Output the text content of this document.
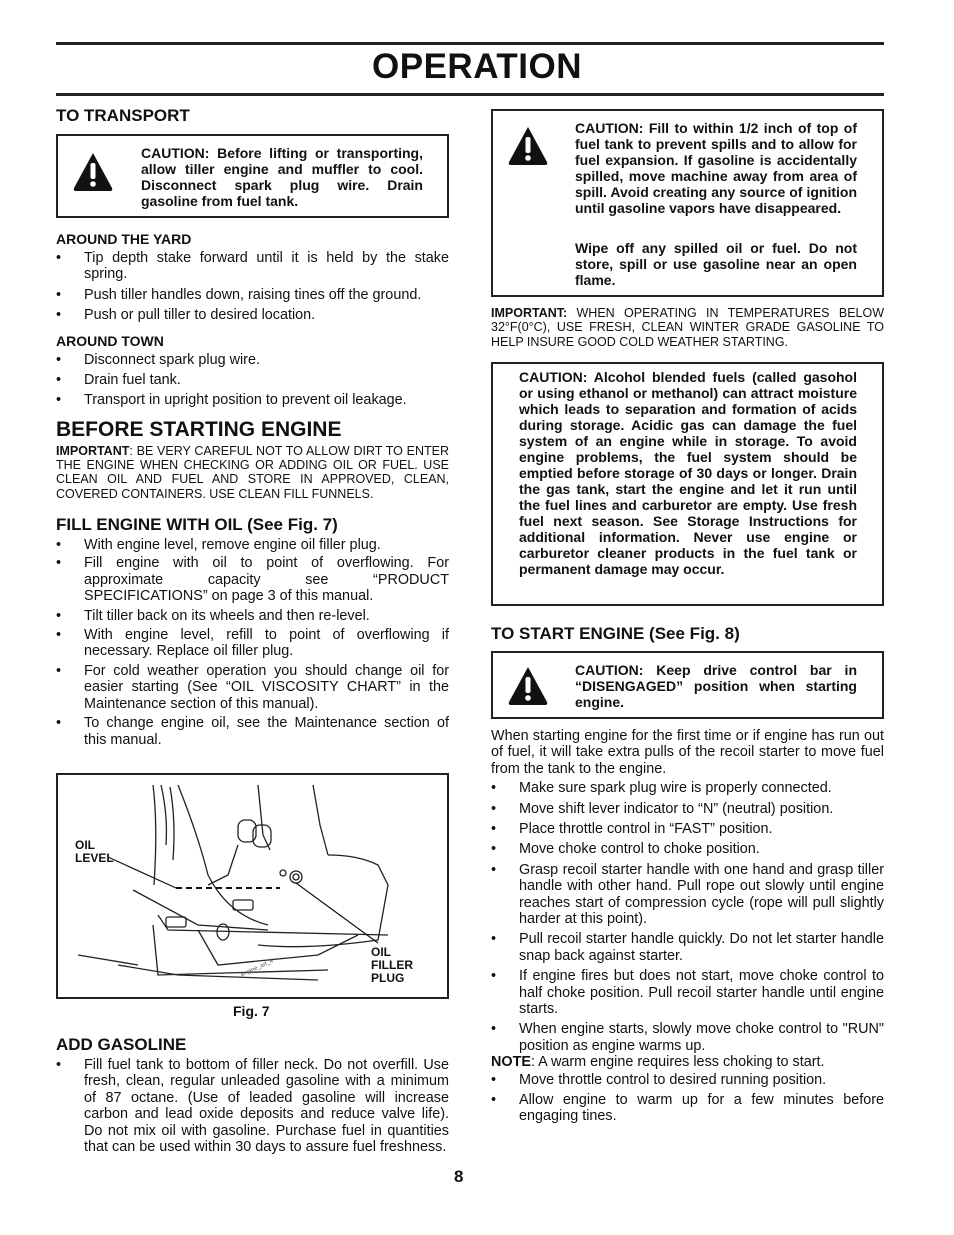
OPERATION
TO TRANSPORT
CAUTION: Before lifting or transporting, allow tiller engine and muffler to cool. Disconnect spark plug wire. Drain gasoline from fuel tank.
AROUND THE YARD
• Tip depth stake forward until it is held by the stake spring.
• Push tiller handles down, raising tines off the ground.
• Push or pull tiller to desired location.
AROUND TOWN
• Disconnect spark plug wire.
• Drain fuel tank.
• Transport in upright position to prevent oil leakage.
BEFORE STARTING ENGINE

IMPORTANT: BE VERY CAREFUL NOT TO ALLOW DIRT TO ENTER THE ENGINE WHEN CHECKING OR ADDING OIL OR FUEL. USE CLEAN OIL AND FUEL AND STORE IN APPROVED, CLEAN, COVERED CONTAINERS. USE CLEAN FILL FUNNELS.

FILL ENGINE WITH OIL (See Fig. 7)
• With engine level, remove engine oil filler plug.
• Fill engine with oil to point of overflowing. For approximate capacity see “PRODUCT SPECIFICATIONS” on page 3 of this manual.
• Tilt tiller back on its wheels and then re-level.
• With engine level, refill to point of overflowing if necessary. Replace oil filler plug.
• For cold weather operation you should change oil for easier starting (See “OIL VISCOSITY CHART” in the Maintenance section of this manual).
• To change engine oil, see the Maintenance section of this manual.
OIL
LEVEL
OIL
FILLER
PLUG
engine_art_4
Fig. 7
ADD GASOLINE
• Fill fuel tank to bottom of filler neck. Do not overfill. Use fresh, clean, regular unleaded gasoline with a minimum of 87 octane. (Use of leaded gasoline will increase carbon and lead oxide deposits and reduce valve life). Do not mix oil with gasoline. Purchase fuel in quantities that can be used within 30 days to assure fuel freshness.
CAUTION: Fill to within 1/2 inch of top of fuel tank to prevent spills and to allow for fuel expansion. If gasoline is accidentally spilled, move machine away from area of spill. Avoid creating any source of ignition until gasoline vapors have disappeared.
Wipe off any spilled oil or fuel. Do not store, spill or use gasoline near an open flame.

IMPORTANT: WHEN OPERATING IN TEMPERATURES BELOW 32°F(0°C), USE FRESH, CLEAN WINTER GRADE GASOLINE TO HELP INSURE GOOD COLD WEATHER STARTING.

CAUTION: Alcohol blended fuels (called gasohol or using ethanol or methanol) can attract moisture which leads to separation and formation of acids during storage. Acidic gas can damage the fuel system of an engine while in storage. To avoid engine problems, the fuel system should be emptied before storage of 30 days or longer. Drain the gas tank, start the engine and let it run until the fuel lines and carburetor are empty. Use fresh fuel next season. See Storage Instructions for additional information. Never use engine or carburetor cleaner products in the fuel tank or permanent damage may occur.
TO START ENGINE (See Fig. 8)
CAUTION: Keep drive control bar in “DISENGAGED” position when starting engine.

When starting engine for the first time or if engine has run out of fuel, it will take extra pulls of the recoil starter to move fuel from the tank to the engine.

• Make sure spark plug wire is properly connected.
• Move shift lever indicator to “N” (neutral) position.
• Place throttle control in “FAST” position.
• Move choke control to choke position.
• Grasp recoil starter handle with one hand and grasp tiller handle with other hand. Pull rope out slowly until engine reaches start of compression cycle (rope will pull slightly harder at this point).
• Pull recoil starter handle quickly. Do not let starter handle snap back against starter.
• If engine fires but does not start, move choke control to half choke position. Pull recoil starter handle until engine starts.
• When engine starts, slowly move choke control to "RUN" position as engine warms up.

NOTE: A warm engine requires less choking to start.

• Move throttle control to desired running position.
• Allow engine to warm up for a few minutes before engaging tines.
8
